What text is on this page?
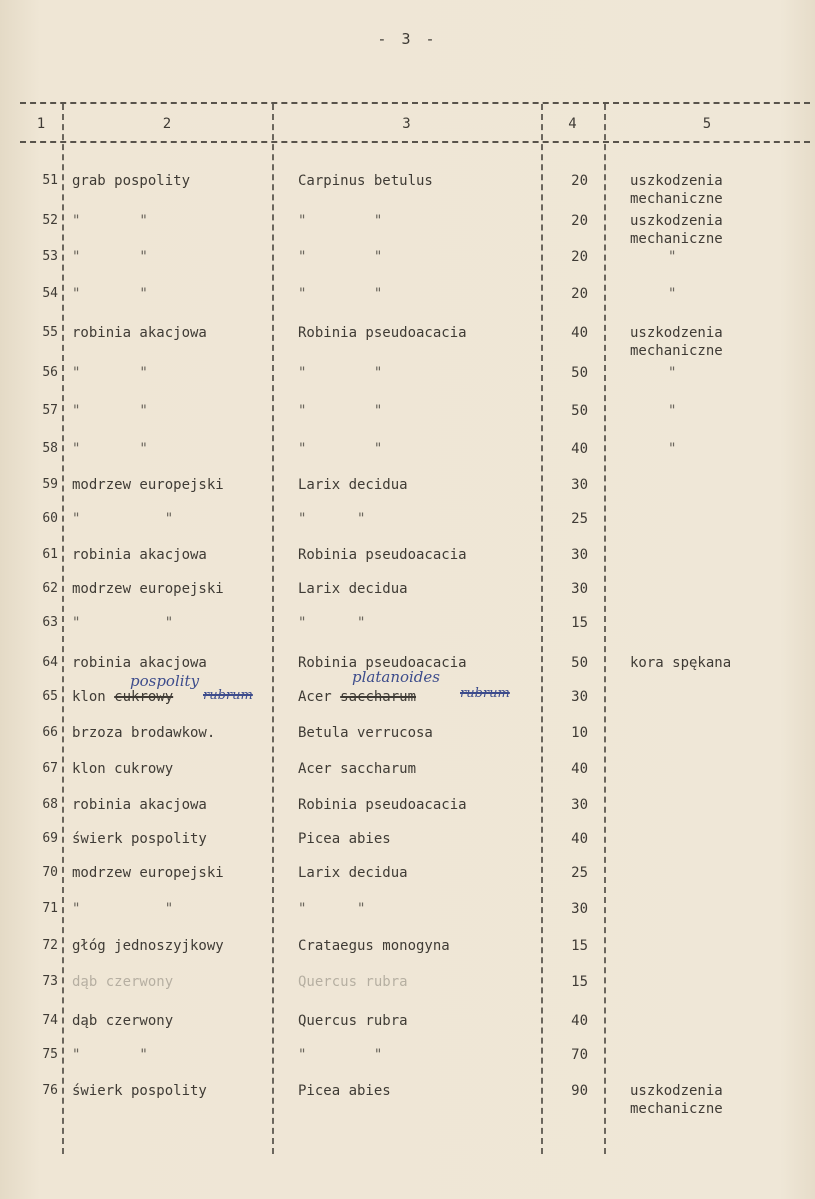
- 3 -
1	2	3	4	5
51 grab pospolity	Carpinus betulus	20	uszkodzenia
mechaniczne
52 "       "	"        "	20	uszkodzenia
mechaniczne
53 "       "	"        "	20	"
54 "       "	"        "	20	"
55 robinia akacjowa	Robinia pseudoacacia	40	uszkodzenia
mechaniczne
56 "       "	"        "	50	"
57 "       "	"        "	50	"
58 "       "	"        "	40	"
59 modrzew europejski	Larix decidua	30
60 "          "	"      "	25
61 robinia akacjowa	Robinia pseudoacacia	30
62 modrzew europejski	Larix decidua	30
63 "          "	"      "	15
64 robinia akacjowa	Robinia pseudoacacia	50	kora spękana
65 klon cukrowy	Acer saccharum	30
66 brzoza brodawkow.	Betula verrucosa	10
67 klon cukrowy	Acer saccharum	40
68 robinia akacjowa	Robinia pseudoacacia	30
69 świerk pospolity	Picea abies	40
70 modrzew europejski	Larix decidua	25
71 "          "	"      "	30
72 głóg jednoszyjkowy	Crataegus monogyna	15
73 dąb czerwony	Quercus rubra	15
74 dąb czerwony	Quercus rubra	40
75 "       "	"        "	70
76 świerk pospolity	Picea abies	90	uszkodzenia
mechaniczne
pospolity
rubrum
platanoides
rubrum
